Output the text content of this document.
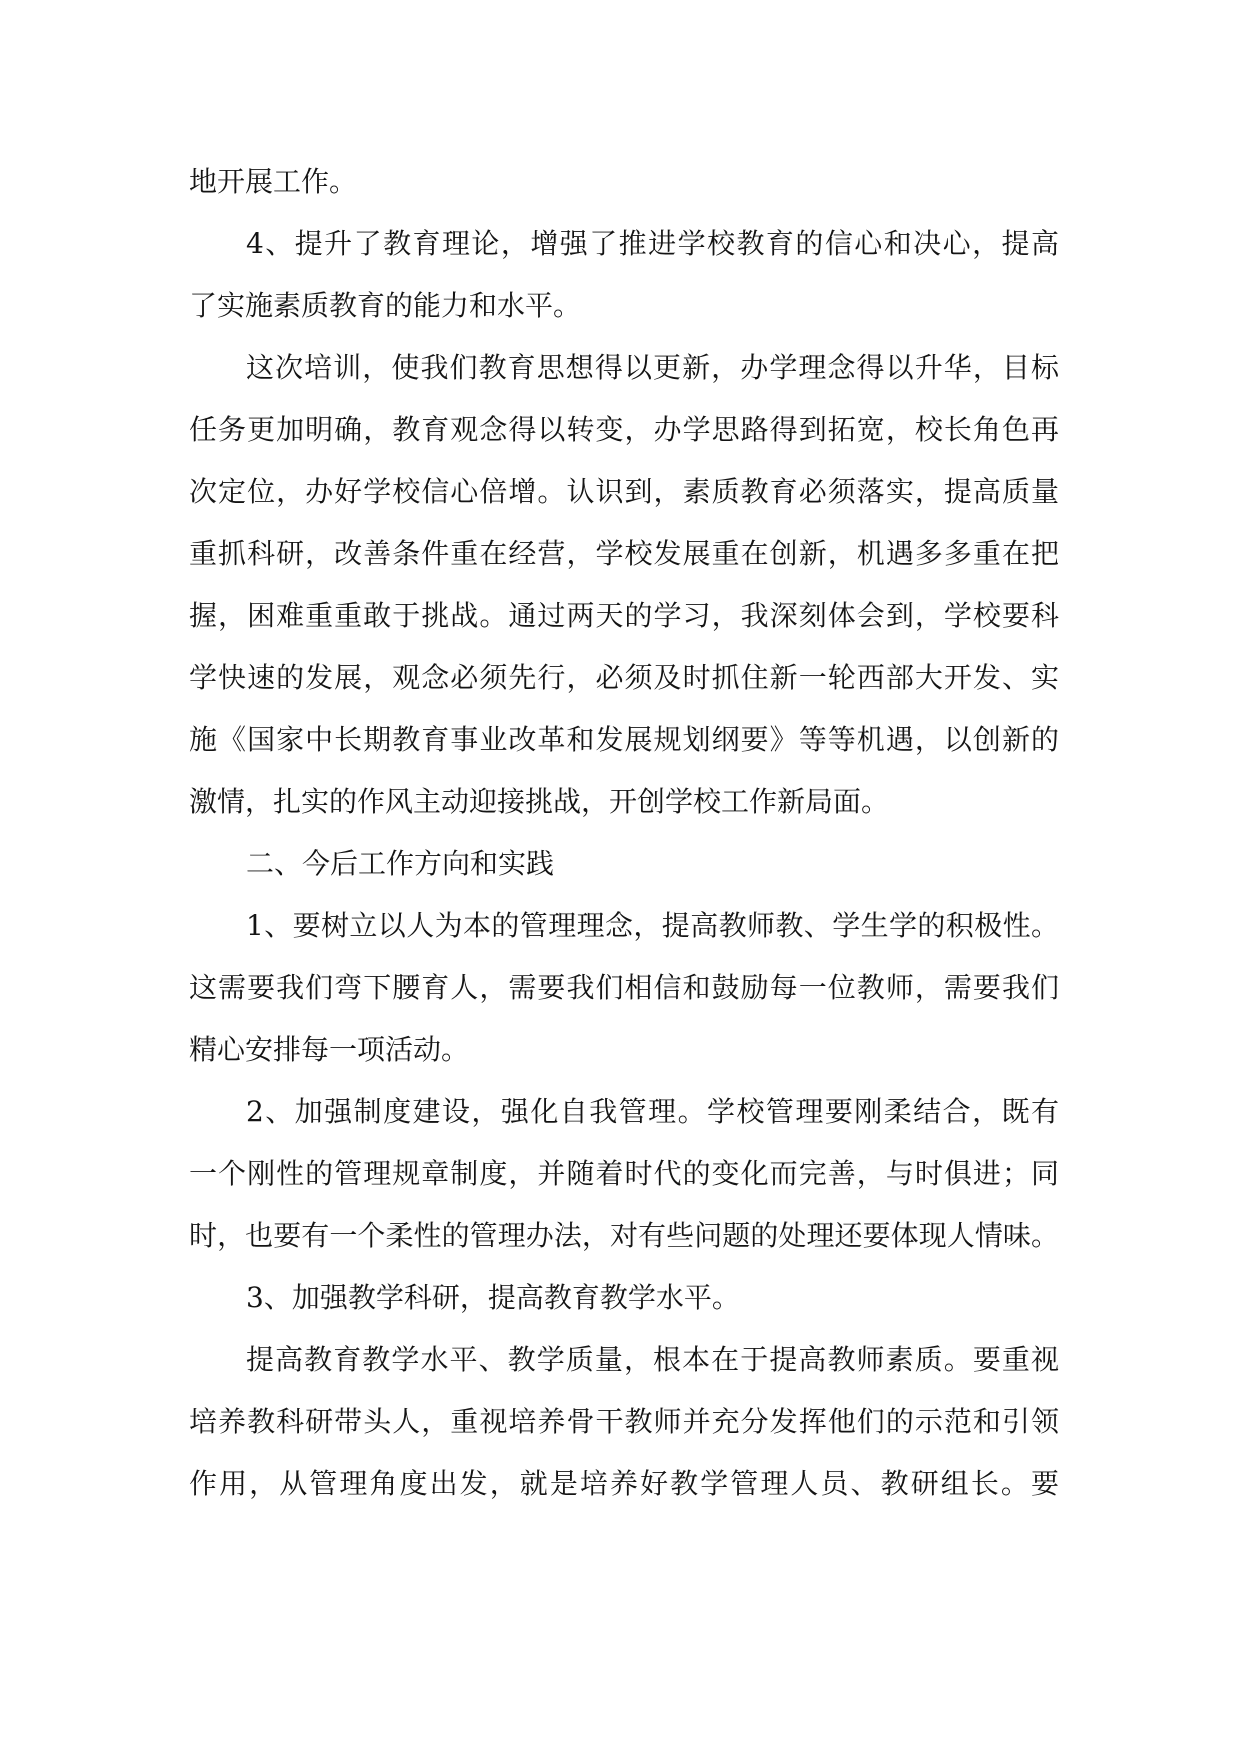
地开展工作。

4、提升了教育理论，增强了推进学校教育的信心和决心，提高

了实施素质教育的能力和水平。

这次培训，使我们教育思想得以更新，办学理念得以升华，目标

任务更加明确，教育观念得以转变，办学思路得到拓宽，校长角色再

次定位，办好学校信心倍增。认识到，素质教育必须落实，提高质量

重抓科研，改善条件重在经营，学校发展重在创新，机遇多多重在把

握，困难重重敢于挑战。通过两天的学习，我深刻体会到，学校要科

学快速的发展，观念必须先行，必须及时抓住新一轮西部大开发、实

施《国家中长期教育事业改革和发展规划纲要》等等机遇，以创新的

激情，扎实的作风主动迎接挑战，开创学校工作新局面。

二、今后工作方向和实践

1、要树立以人为本的管理理念，提高教师教、学生学的积极性。

这需要我们弯下腰育人，需要我们相信和鼓励每一位教师，需要我们

精心安排每一项活动。

2、加强制度建设，强化自我管理。学校管理要刚柔结合，既有

一个刚性的管理规章制度，并随着时代的变化而完善，与时俱进；同

时，也要有一个柔性的管理办法，对有些问题的处理还要体现人情味。

3、加强教学科研，提高教育教学水平。

提高教育教学水平、教学质量，根本在于提高教师素质。要重视

培养教科研带头人，重视培养骨干教师并充分发挥他们的示范和引领

作用，从管理角度出发，就是培养好教学管理人员、教研组长。要
